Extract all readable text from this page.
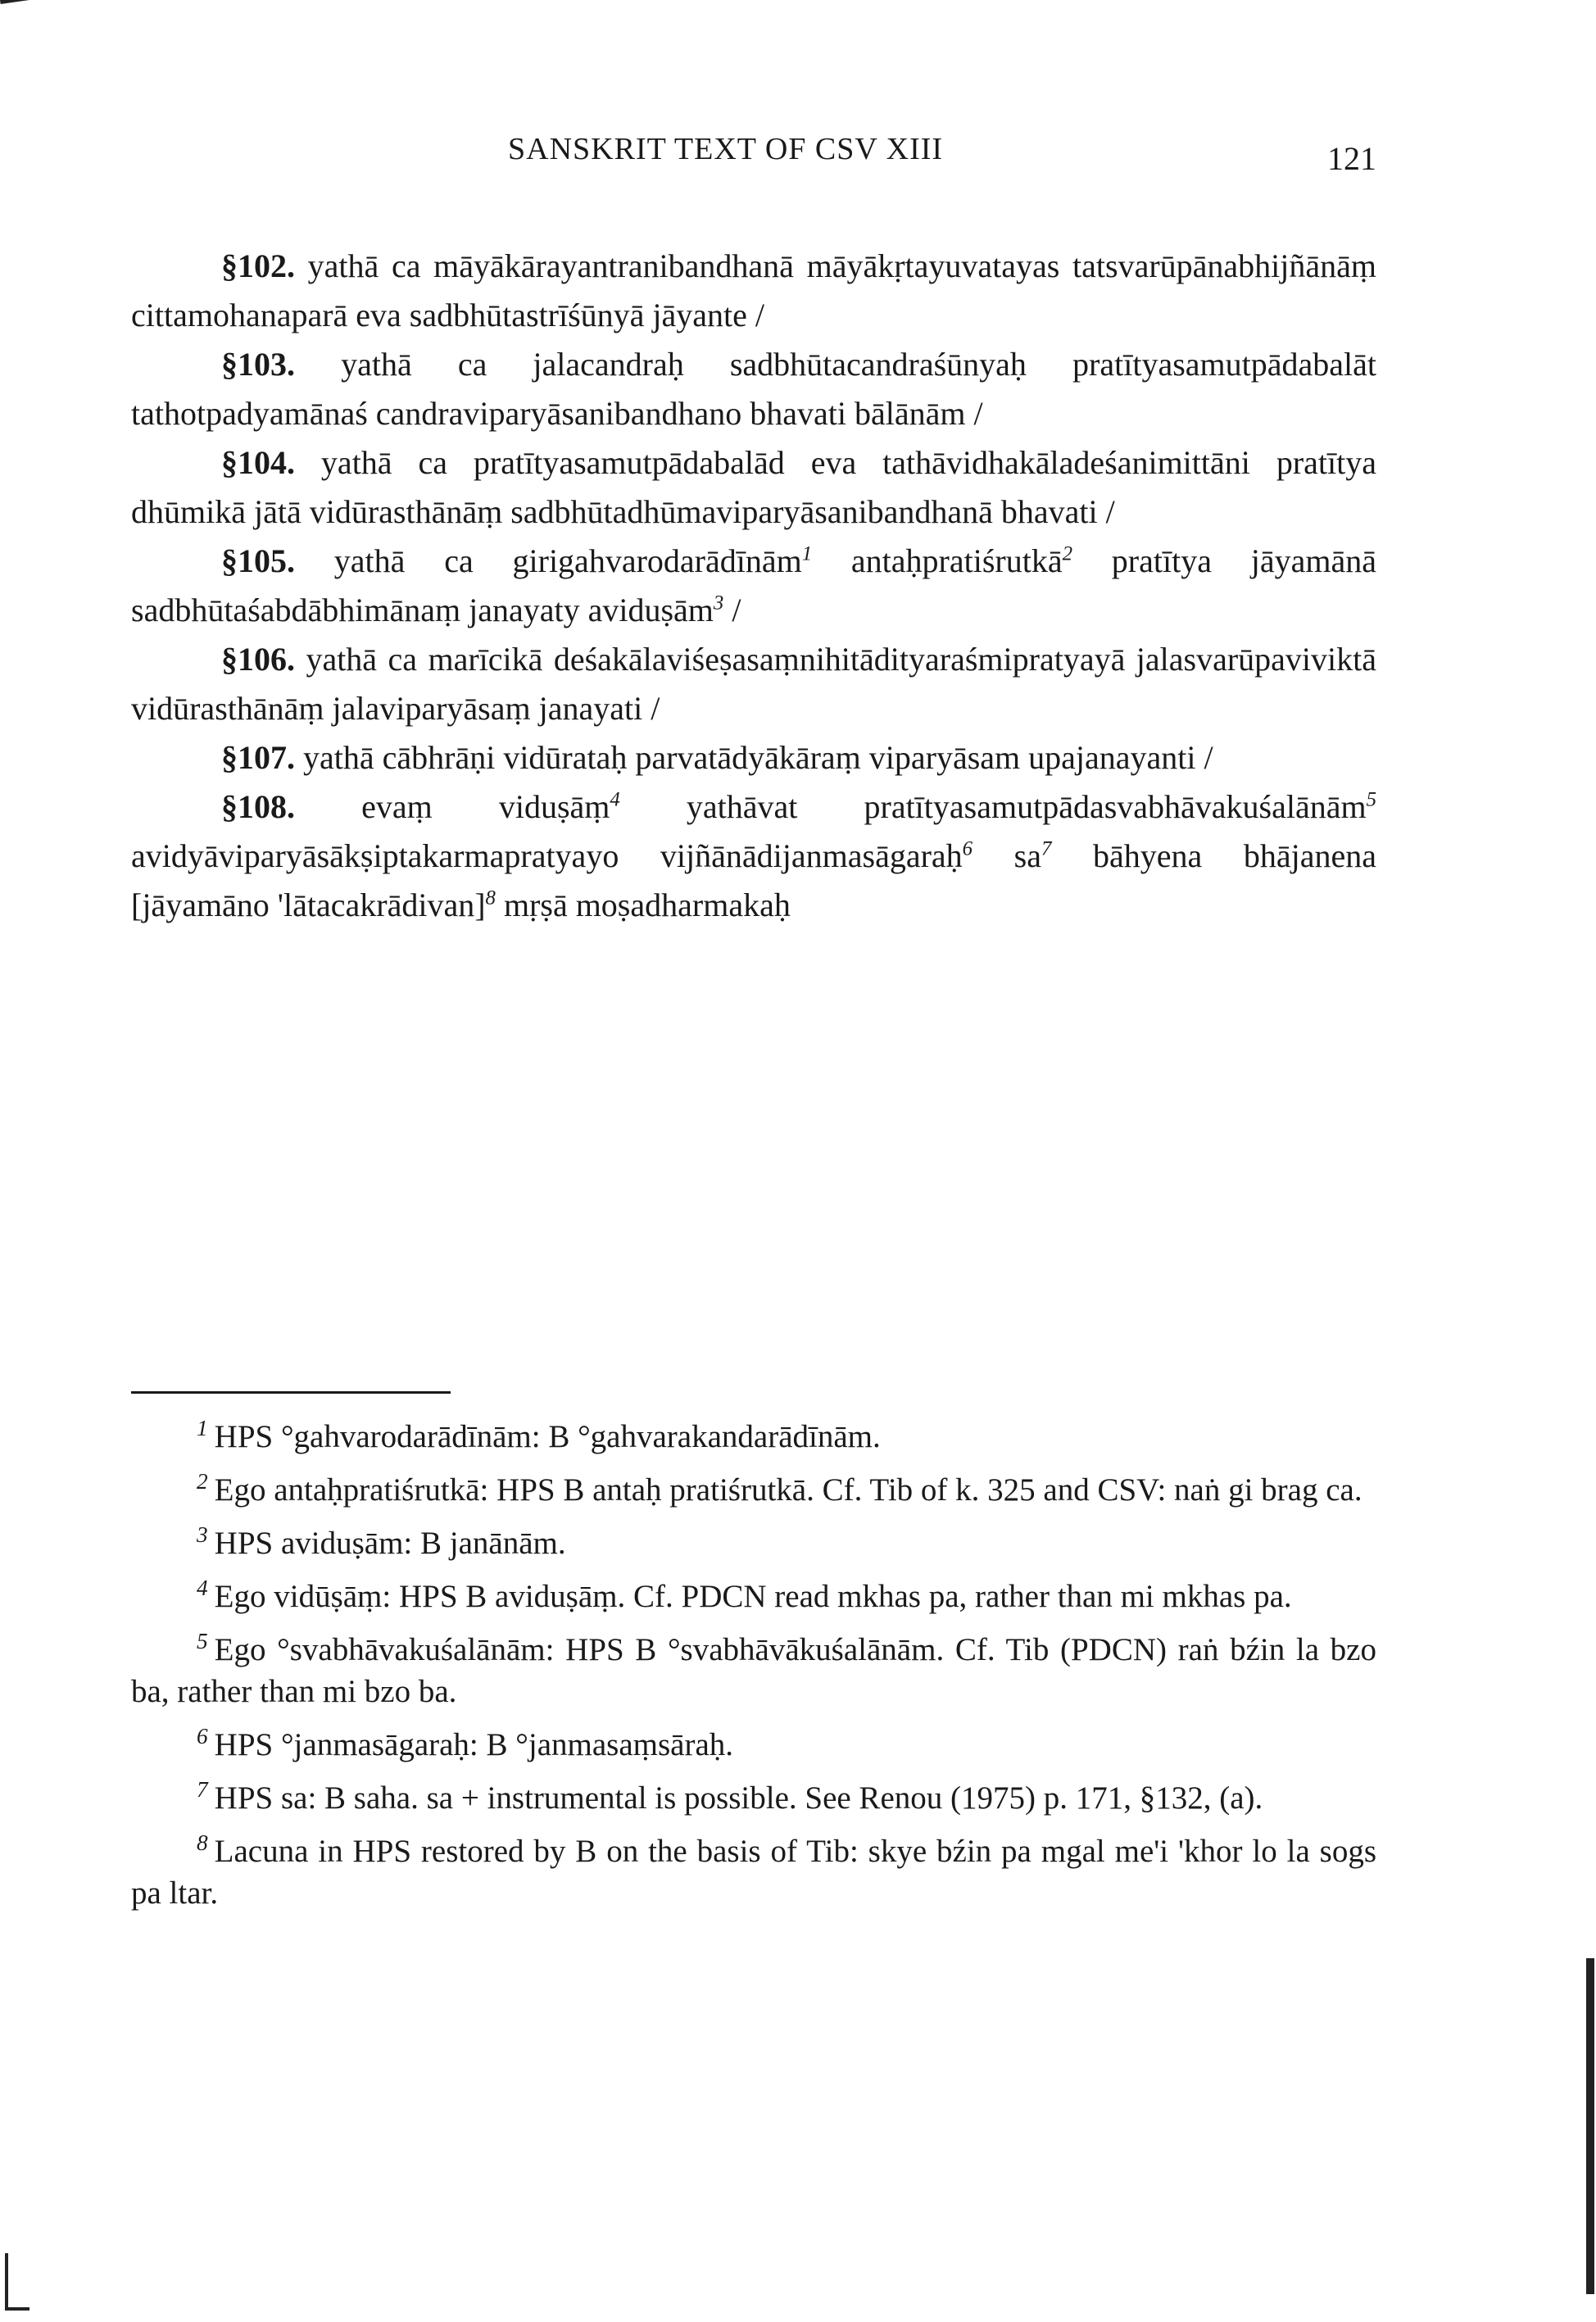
SANSKRIT TEXT OF CSV XIII	121

§102. yathā ca māyākārayantranibandhanā māyākṛtayuvatayas tatsvarūpānabhijñānāṃ cittamohanaparā eva sadbhūtastrīśūnyā jāyante /

§103. yathā ca jalacandraḥ sadbhūtacandraśūnyaḥ pratītyasamutpādabalāt tathotpadyamānaś candraviparyāsanibandhano bhavati bālānām /

§104. yathā ca pratītyasamutpādabalād eva tathāvidhakāladeśanimittāni pratītya dhūmikā jātā vidūrasthānāṃ sadbhūtadhūmaviparyāsanibandhanā bhavati /

§105. yathā ca girigahvarodarādīnām$^1$ antaḥpratiśrutkā$^2$ pratītya jāyamānā sadbhūtaśabdābhimānaṃ janayaty aviduṣām$^3$ /

§106. yathā ca marīcikā deśakālaviśeṣasaṃnihitādityaraśmipratyayā jalasvarūpaviviktā vidūrasthānāṃ jalaviparyāsaṃ janayati /

§107. yathā cābhrāṇi vidūrataḥ parvatādyākāraṃ viparyāsam upajanayanti /

§108. evaṃ viduṣāṃ$^4$ yathāvat pratītyasamutpādasvabhāvakuśalānām$^5$ avidyāviparyāsākṣiptakarmapratyayo vijñānādijanmasāgaraḥ$^6$ $sa^7$ bāhyena bhājanena [jāyamāno 'lātacakrādivan]$^8$ mṛṣā moṣadharmakaḥ

$^1$ HPS °gahvarodarādīnām: B °gahvarakandarādīnām.

$^2$ Ego antaḥpratiśrutkā: HPS B antaḥ pratiśrutkā. Cf. Tib of k. 325 and CSV: naṅ gi brag ca.

$^3$ HPS aviduṣām: B janānām.

$^4$ Ego vidūṣāṃ: HPS B aviduṣāṃ. Cf. PDCN read mkhas pa, rather than mi mkhas pa.

$^5$ Ego °svabhāvakuśalānām: HPS B °svabhāvākuśalānām. Cf. Tib (PDCN) raṅ bźin la bzo ba, rather than mi bzo ba.

$^6$ HPS °janmasāgaraḥ: B °janmasaṃsāraḥ.

$^7$ HPS sa: B saha. sa + instrumental is possible. See Renou (1975) p. 171, §132, (a).

$^8$ Lacuna in HPS restored by B on the basis of Tib: skye bźin pa mgal me'i 'khor lo la sogs pa ltar.
